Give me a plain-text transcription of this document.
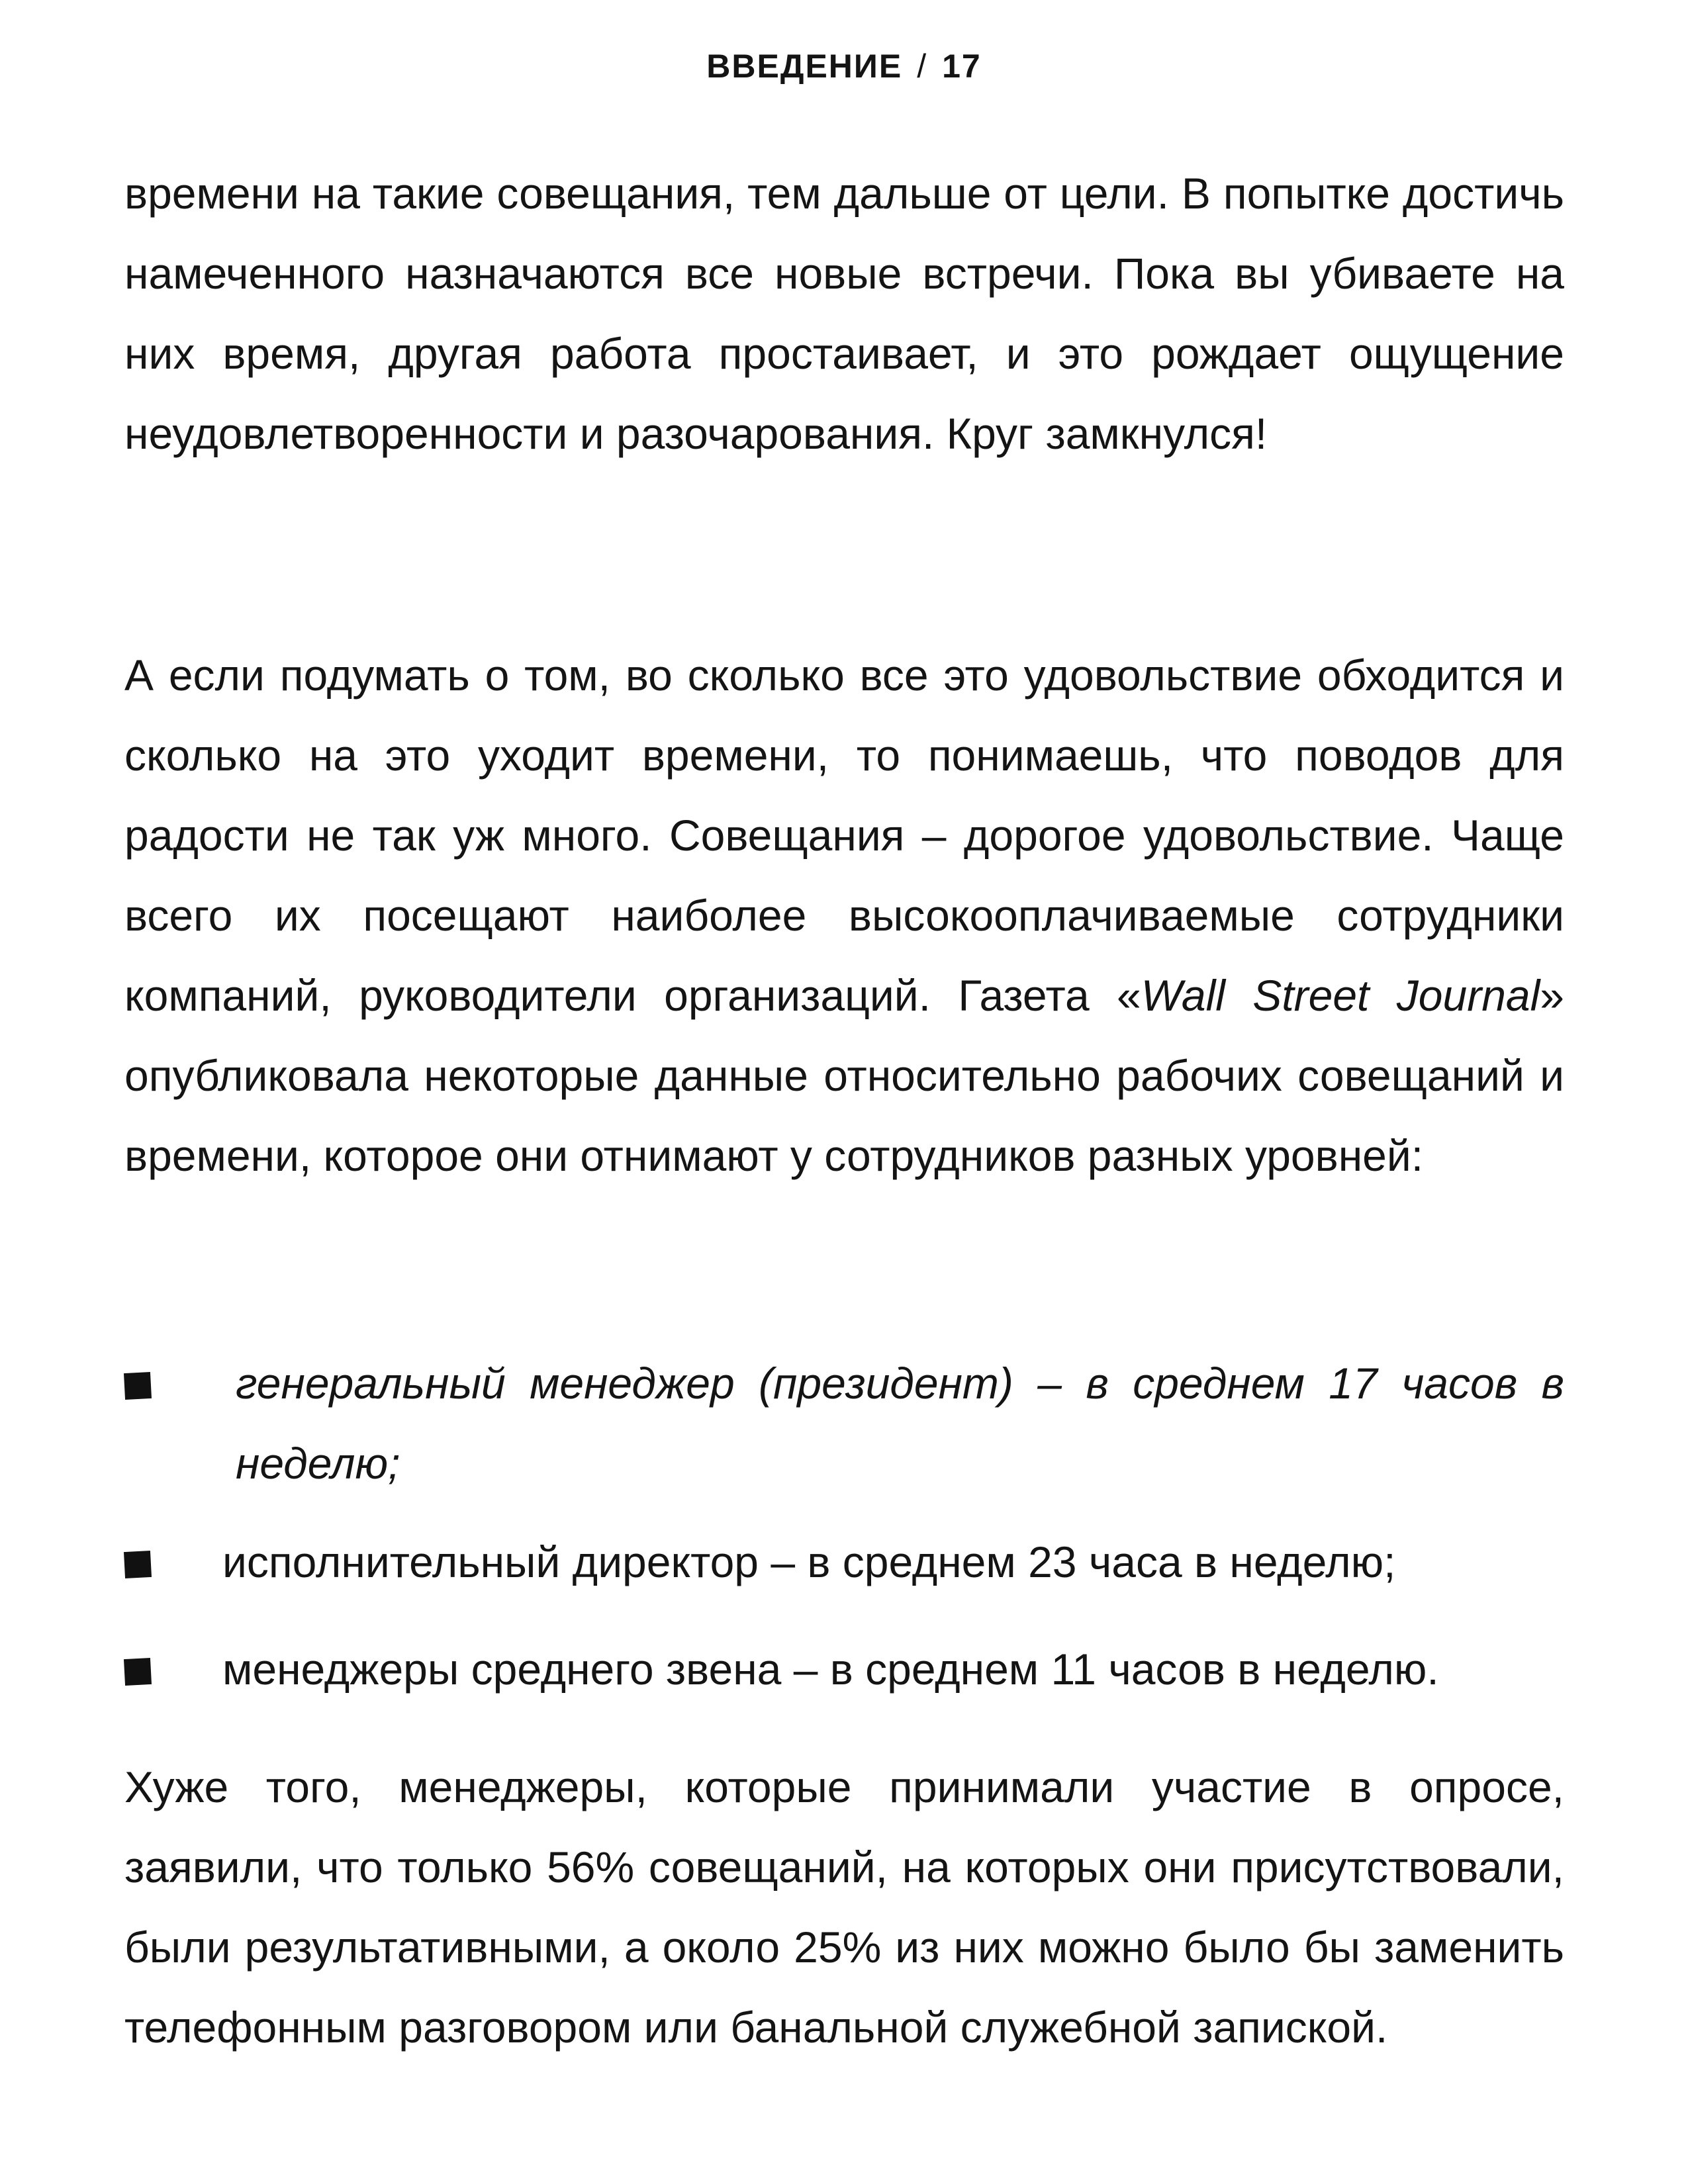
ВВЕДЕНИЕ / 17

времени на такие совещания, тем дальше от цели. В попытке достичь намеченного назначаются все новые встречи. Пока вы убиваете на них время, другая работа простаивает, и это рождает ощущение неудовлетворенности и разочарования. Круг замкнулся!

А если подумать о том, во сколько все это удовольствие обходится и сколько на это уходит времени, то понимаешь, что поводов для радости не так уж много. Совещания – дорогое удовольствие. Чаще всего их посещают наиболее высокооплачиваемые сотрудники компаний, руководители организаций. Газета «Wall Street Journal» опубликовала некоторые данные относительно рабочих совещаний и времени, которое они отнимают у сотрудников разных уровней:

генеральный менеджер (президент) – в среднем 17 часов в неделю;
исполнительный директор – в среднем 23 часа в неделю;
менеджеры среднего звена – в среднем 11 часов в неделю.

Хуже того, менеджеры, которые принимали участие в опросе, заявили, что только 56% совещаний, на которых они присутствовали, были результативными, а около 25% из них можно было бы заменить телефонным разговором или банальной служебной запиской.
